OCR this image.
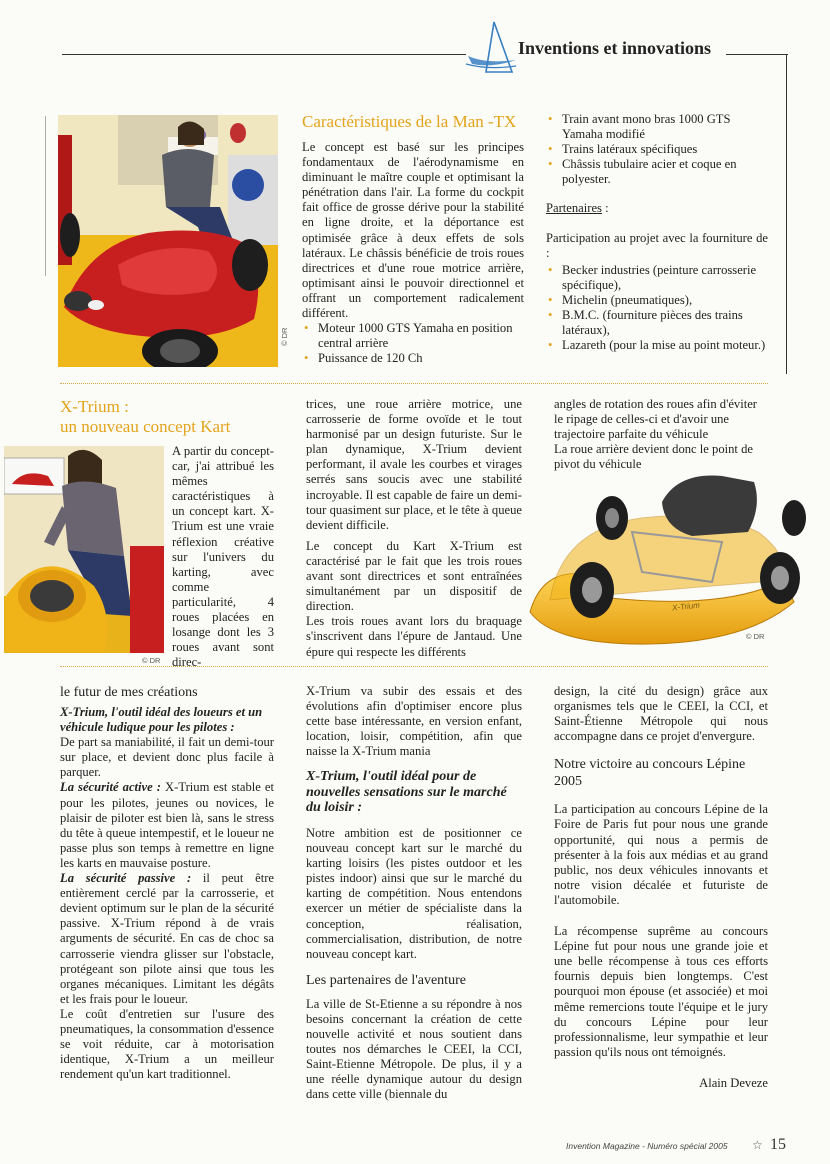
Inventions et innovations
© DR
Caractéristiques de la Man -TX

Le concept est basé sur les principes fondamentaux de l'aérodynamisme en diminuant le maître couple et optimisant la pénétration dans l'air. La forme du cockpit fait office de grosse dérive pour la stabilité en ligne droite, et la déportance est optimisée grâce à deux effets de sols latéraux. Le châssis bénéficie de trois roues directrices et d'une roue motrice arrière, optimisant ainsi le pouvoir directionnel et offrant un comportement radicalement différent.

• Moteur 1000 GTS Yamaha en position central arrière
• Puissance de 120 Ch
• Train avant mono bras 1000 GTS Yamaha modifié
• Trains latéraux spécifiques
• Châssis tubulaire acier et coque en polyester.

Partenaires :

Participation au projet avec la fourniture de :

• Becker industries (peinture carrosserie spécifique),
• Michelin (pneumatiques),
• B.M.C. (fourniture pièces des trains latéraux),
• Lazareth (pour la mise au point moteur.)
X-Trium :
un nouveau concept Kart
© DR

A partir du concept-car, j'ai attribué les mêmes caractéristiques à un concept kart. X-Trium est une vraie réflexion créative sur l'univers du karting, avec comme particularité, 4 roues placées en losange dont les 3 roues avant sont direc-

trices, une roue arrière motrice, une carrosserie de forme ovoïde et le tout harmonisé par un design futuriste. Sur le plan dynamique, X-Trium devient performant, il avale les courbes et virages serrés sans soucis avec une stabilité incroyable. Il est capable de faire un demi-tour quasiment sur place, et le tête à queue devient difficile.

Le concept du Kart X-Trium est caractérisé par le fait que les trois roues avant sont directrices et sont entraînées simultanément par un dispositif de direction.

Les trois roues avant lors du braquage s'inscrivent dans l'épure de Jantaud. Une épure qui respecte les différents

angles de rotation des roues afin d'éviter le ripage de celles-ci et d'avoir une trajectoire parfaite du véhicule

La roue arrière devient donc le point de pivot du véhicule

X-Trium
© DR
le futur de mes créations

X-Trium, l'outil idéal des loueurs et un véhicule ludique pour les pilotes :

De part sa maniabilité, il fait un demi-tour sur place, et devient donc plus facile à parquer.

La sécurité active : X-Trium est stable et pour les pilotes, jeunes ou novices, le plaisir de piloter est bien là, sans le stress du tête à queue intempestif, et le loueur ne passe plus son temps à remettre en ligne les karts en mauvaise posture.

La sécurité passive : il peut être entièrement cerclé par la carrosserie, et devient optimum sur le plan de la sécurité passive. X-Trium répond à de vrais arguments de sécurité. En cas de choc sa carrosserie viendra glisser sur l'obstacle, protégeant son pilote ainsi que tous les organes mécaniques. Limitant les dégâts et les frais pour le loueur.

Le coût d'entretien sur l'usure des pneumatiques, la consommation d'essence se voit réduite, car à motorisation identique, X-Trium a un meilleur rendement qu'un kart traditionnel.

X-Trium va subir des essais et des évolutions afin d'optimiser encore plus cette base intéressante, en version enfant, location, loisir, compétition, afin que naisse la X-Trium mania

X-Trium, l'outil idéal pour de nouvelles sensations sur le marché du loisir :

Notre ambition est de positionner ce nouveau concept kart sur le marché du karting loisirs (les pistes outdoor et les pistes indoor) ainsi que sur le marché du karting de compétition. Nous entendons exercer un métier de spécialiste dans la conception, réalisation, commercialisation, distribution, de notre nouveau concept kart.

Les partenaires de l'aventure

La ville de St-Etienne a su répondre à nos besoins concernant la création de cette nouvelle activité et nous soutient dans toutes nos démarches le CEEI, la CCI, Saint-Etienne Métropole. De plus, il y a une réelle dynamique autour du design dans cette ville (biennale du

design, la cité du design) grâce aux organismes tels que le CEEI, la CCI, et Saint-Étienne Métropole qui nous accompagne dans ce projet d'envergure.

Notre victoire au concours Lépine 2005

La participation au concours Lépine de la Foire de Paris fut pour nous une grande opportunité, qui nous a permis de présenter à la fois aux médias et au grand public, nos deux véhicules innovants et notre vision décalée et futuriste de l'automobile.

La récompense suprême au concours Lépine fut pour nous une grande joie et une belle récompense à tous ces efforts fournis depuis bien longtemps. C'est pourquoi mon épouse (et associée) et moi même remercions toute l'équipe et le jury du concours Lépine pour leur professionnalisme, leur sympathie et leur passion qu'ils nous ont témoignés.

Alain Deveze
Invention Magazine - Numéro spécial 2005 ☆ 15
